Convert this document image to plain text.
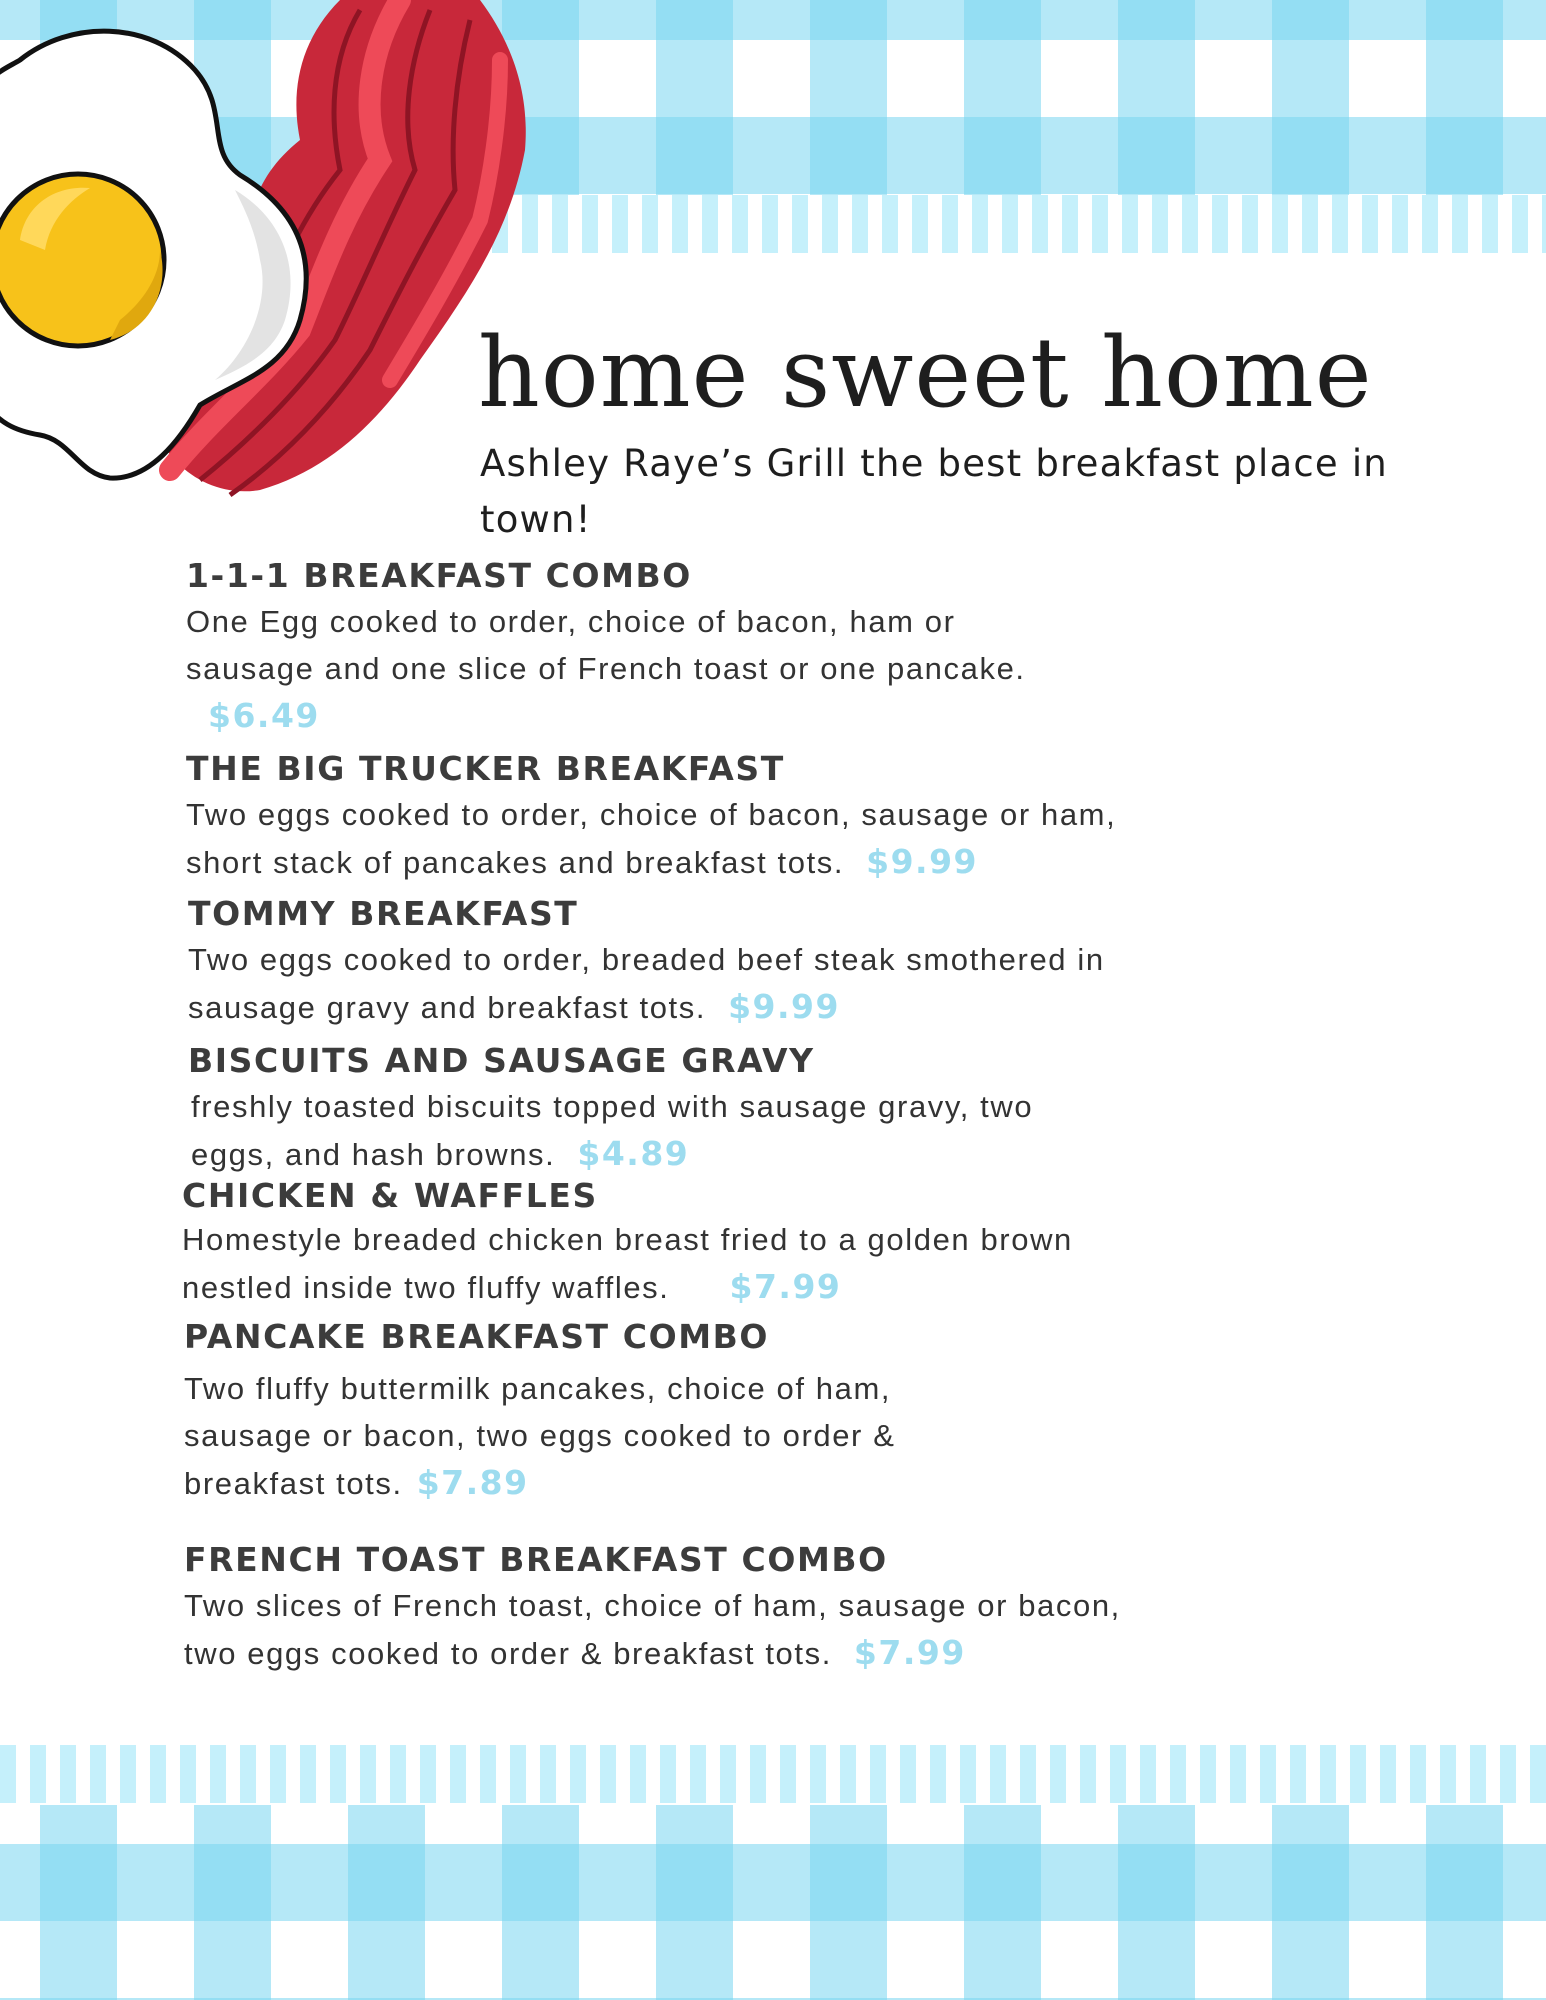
home sweet home
Ashley Raye’s Grill the best breakfast place in town!
1-1-1 BREAKFAST COMBO

One Egg cooked to order, choice of bacon, ham or sausage and one slice of French toast or one pancake.$6.49

THE BIG TRUCKER BREAKFAST

Two eggs cooked to order, choice of bacon, sausage or ham, short stack of pancakes and breakfast tots. $9.99

TOMMY BREAKFAST

Two eggs cooked to order, breaded beef steak smothered in sausage gravy and breakfast tots. $9.99

BISCUITS AND SAUSAGE GRAVY

freshly toasted biscuits topped with sausage gravy, two eggs, and hash browns. $4.89

CHICKEN & WAFFLES

Homestyle breaded chicken breast fried to a golden brown nestled inside two fluffy waffles. $7.99

PANCAKE BREAKFAST COMBO

Two fluffy buttermilk pancakes, choice of ham, sausage or bacon, two eggs cooked to order & breakfast tots. $7.89

FRENCH TOAST BREAKFAST COMBO

Two slices of French toast, choice of ham, sausage or bacon, two eggs cooked to order & breakfast tots. $7.99
